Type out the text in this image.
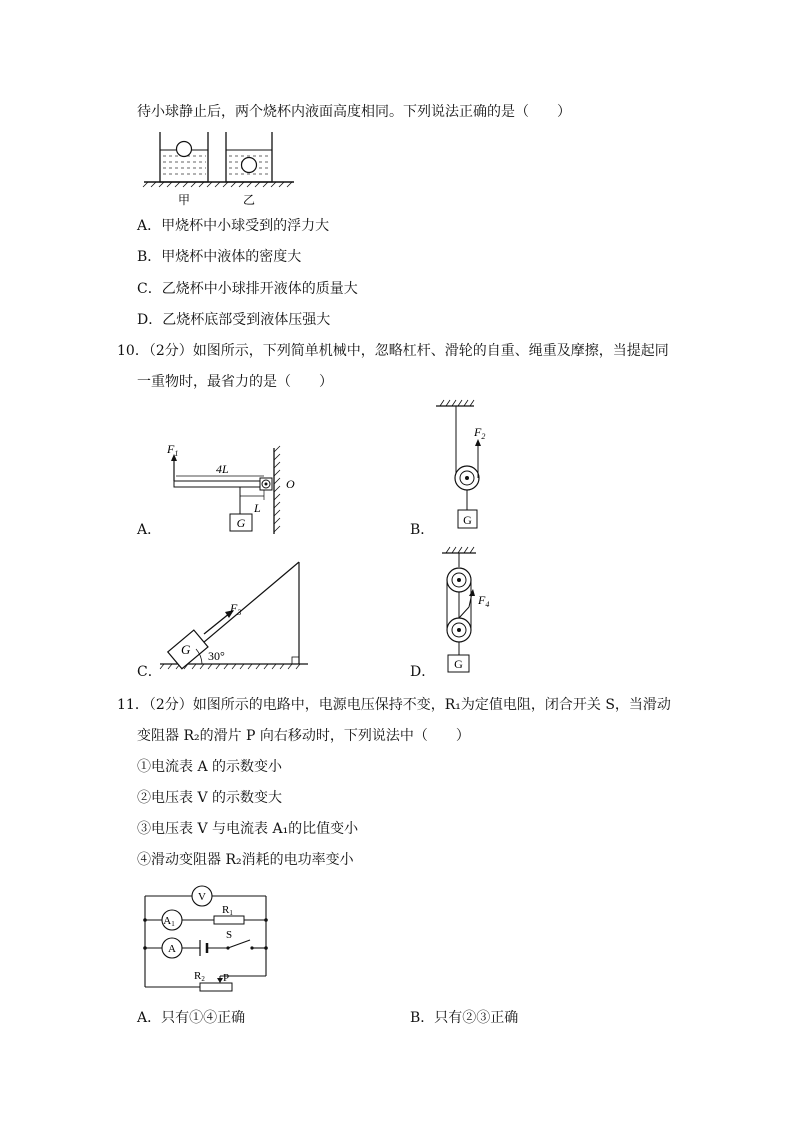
待小球静止后，两个烧杯内液面高度相同。下列说法正确的是（　　）
甲	乙
A．甲烧杯中小球受到的浮力大
B．甲烧杯中液体的密度大
C．乙烧杯中小球排开液体的质量大
D．乙烧杯底部受到液体压强大
10．（2分）如图所示，下列简单机械中，忽略杠杆、滑轮的自重、绳重及摩擦，当提起同
一重物时，最省力的是（　　）
$F_1$
4L
G
L
O
A．
$F_2$
G
B．
G
$F_3$
30°
C．
$F_4$
G
D．
11．（2分）如图所示的电路中，电源电压保持不变，R₁为定值电阻，闭合开关 S，当滑动
变阻器 R₂的滑片 P 向右移动时，下列说法中（　　）
①电流表 A 的示数变小
②电压表 V 的示数变大
③电压表 V 与电流表 A₁的比值变小
④滑动变阻器 R₂消耗的电功率变小
S
V
A1
R1
A
R2 P
A．只有①④正确	B．只有②③正确
